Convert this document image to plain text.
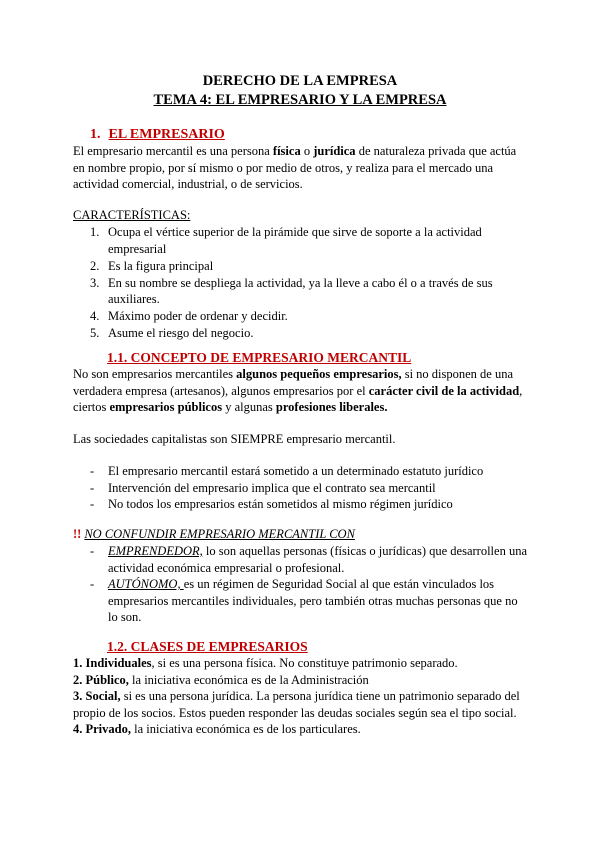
DERECHO DE LA EMPRESA
TEMA 4: EL EMPRESARIO Y LA EMPRESA
1. EL EMPRESARIO
El empresario mercantil es una persona física o jurídica de naturaleza privada que actúa en nombre propio, por sí mismo o por medio de otros, y realiza para el mercado una actividad comercial, industrial, o de servicios.
CARACTERÍSTICAS:
1. Ocupa el vértice superior de la pirámide que sirve de soporte a la actividad empresarial
2. Es la figura principal
3. En su nombre se despliega la actividad, ya la lleve a cabo él o a través de sus auxiliares.
4. Máximo poder de ordenar y decidir.
5. Asume el riesgo del negocio.
1.1. CONCEPTO DE EMPRESARIO MERCANTIL
No son empresarios mercantiles algunos pequeños empresarios, si no disponen de una verdadera empresa (artesanos), algunos empresarios por el carácter civil de la actividad, ciertos empresarios públicos y algunas profesiones liberales.
Las sociedades capitalistas son SIEMPRE empresario mercantil.
- El empresario mercantil estará sometido a un determinado estatuto jurídico
- Intervención del empresario implica que el contrato sea mercantil
- No todos los empresarios están sometidos al mismo régimen jurídico
!! NO CONFUNDIR EMPRESARIO MERCANTIL CON
- EMPRENDEDOR, lo son aquellas personas (físicas o jurídicas) que desarrollen una actividad económica empresarial o profesional.
- AUTÓNOMO, es un régimen de Seguridad Social al que están vinculados los empresarios mercantiles individuales, pero también otras muchas personas que no lo son.
1.2. CLASES DE EMPRESARIOS
1. Individuales, si es una persona física. No constituye patrimonio separado.
2. Público, la iniciativa económica es de la Administración
3. Social, si es una persona jurídica. La persona jurídica tiene un patrimonio separado del propio de los socios. Estos pueden responder las deudas sociales según sea el tipo social.
4. Privado, la iniciativa económica es de los particulares.
